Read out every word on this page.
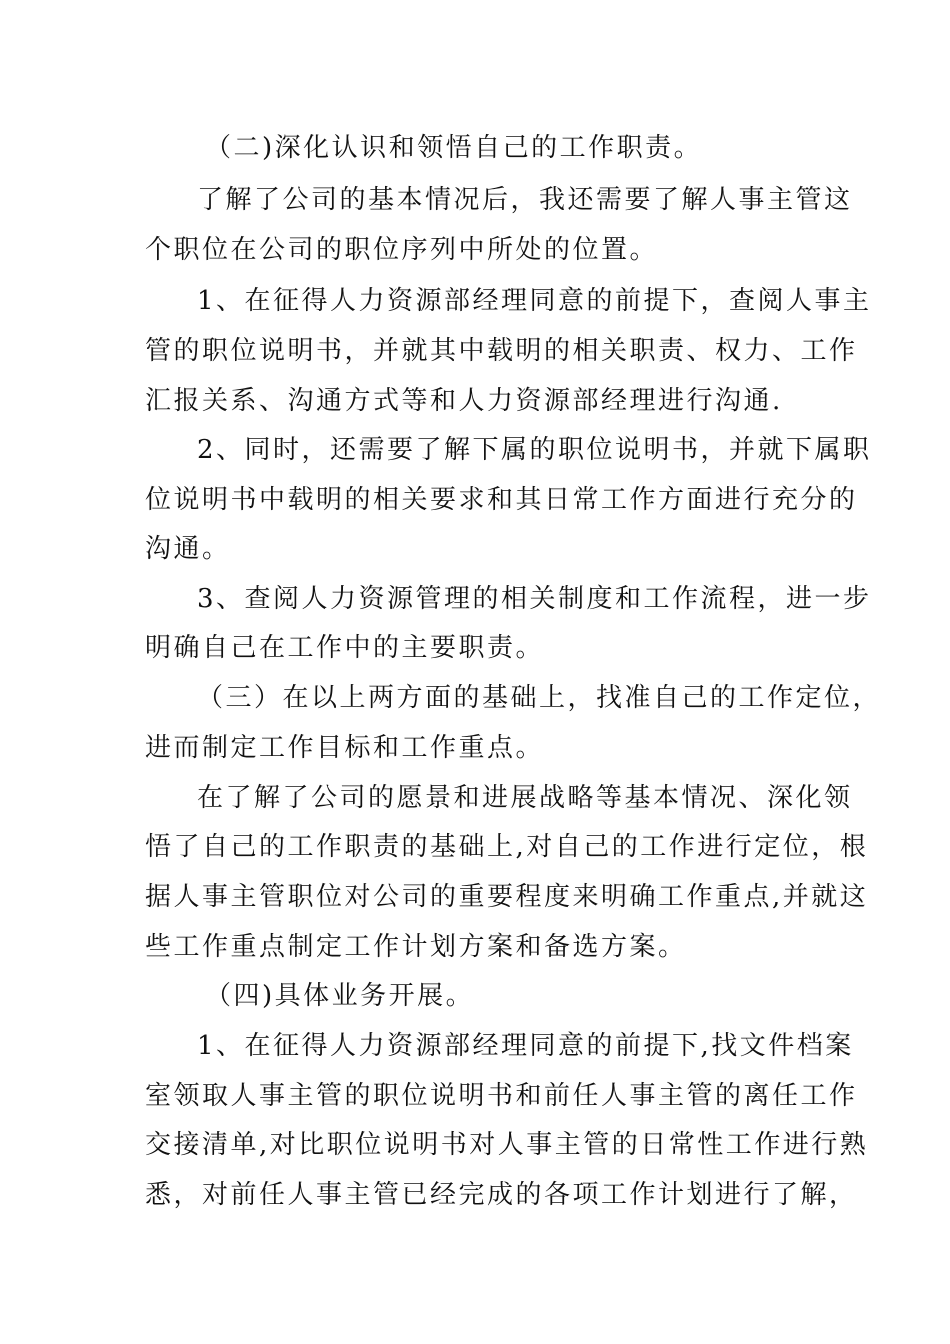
（二)深化认识和领悟自己的工作职责。

了解了公司的基本情况后，我还需要了解人事主管这

个职位在公司的职位序列中所处的位置。

1、在征得人力资源部经理同意的前提下，查阅人事主

管的职位说明书，并就其中载明的相关职责、权力、工作

汇报关系、沟通方式等和人力资源部经理进行沟通.

2、同时，还需要了解下属的职位说明书，并就下属职

位说明书中载明的相关要求和其日常工作方面进行充分的

沟通。

3、查阅人力资源管理的相关制度和工作流程，进一步

明确自己在工作中的主要职责。

（三）在以上两方面的基础上，找准自己的工作定位，

进而制定工作目标和工作重点。

在了解了公司的愿景和进展战略等基本情况、深化领

悟了自己的工作职责的基础上,对自己的工作进行定位，根

据人事主管职位对公司的重要程度来明确工作重点,并就这

些工作重点制定工作计划方案和备选方案。

（四)具体业务开展。

1、在征得人力资源部经理同意的前提下,找文件档案

室领取人事主管的职位说明书和前任人事主管的离任工作

交接清单,对比职位说明书对人事主管的日常性工作进行熟

悉，对前任人事主管已经完成的各项工作计划进行了解，
